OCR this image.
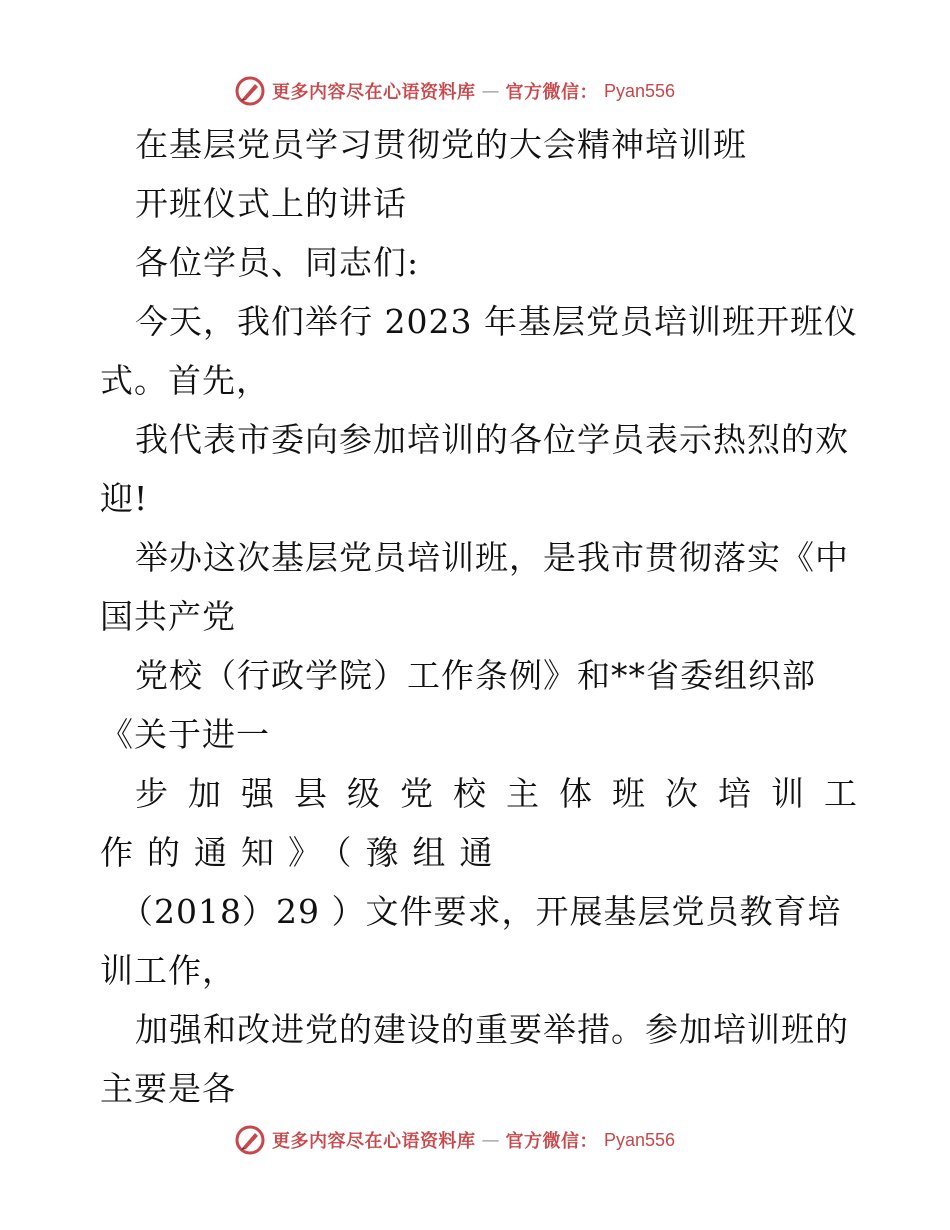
更多内容尽在心语资料库 — 官方微信： Pyan556
在基层党员学习贯彻党的大会精神培训班
开班仪式上的讲话
各位学员、同志们:
今天，我们举行 2023 年基层党员培训班开班仪
式。首先，
我代表市委向参加培训的各位学员表示热烈的欢
迎!
举办这次基层党员培训班，是我市贯彻落实《中
国共产党
党校（行政学院）工作条例》和**省委组织部
《关于进一
步加强县级党校主体班次培训工
作的通知》（豫组通
（2018）29 ）文件要求，开展基层党员教育培
训工作，
加强和改进党的建设的重要举措。参加培训班的
主要是各
更多内容尽在心语资料库 — 官方微信： Pyan556
